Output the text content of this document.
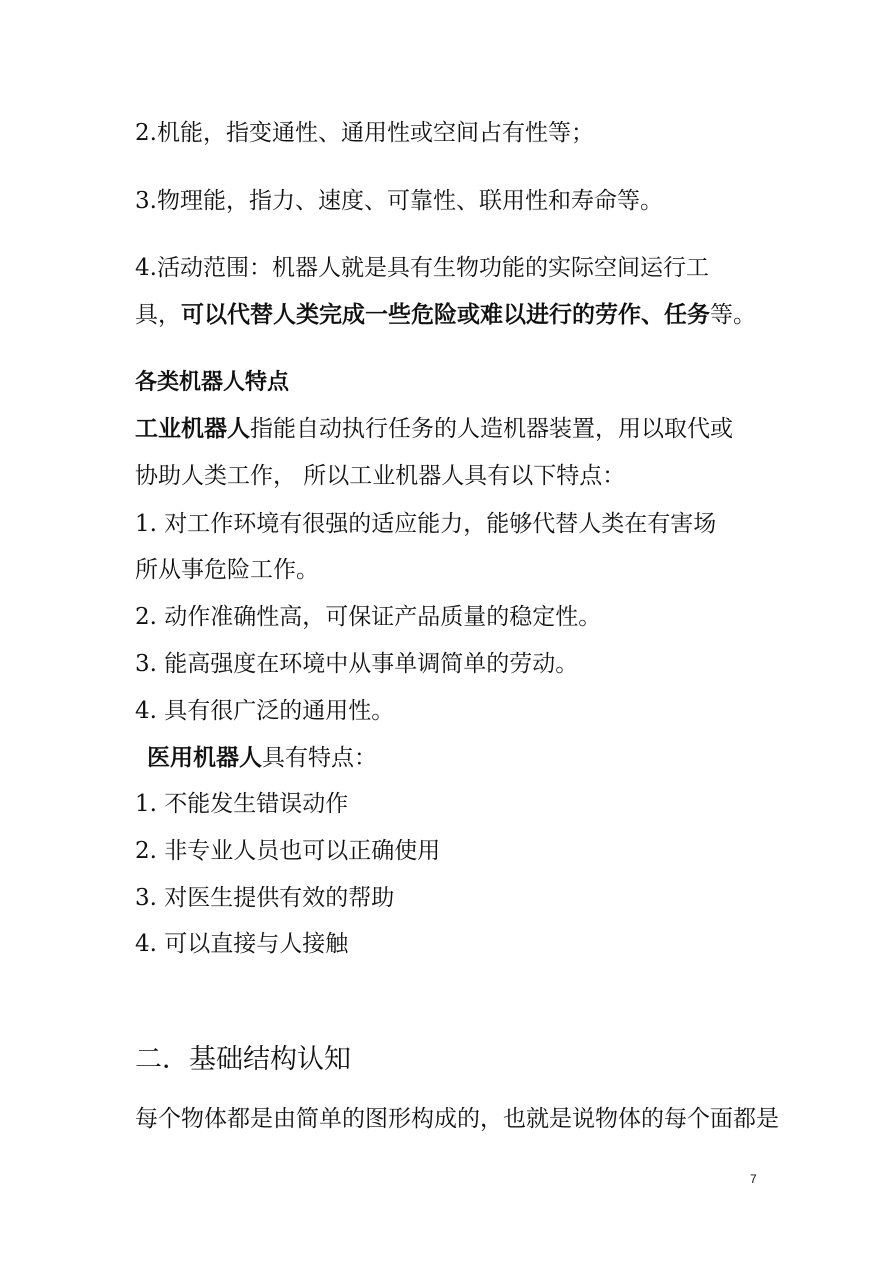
2.机能，指变通性、通用性或空间占有性等；
3.物理能，指力、速度、可靠性、联用性和寿命等。
4.活动范围：机器人就是具有生物功能的实际空间运行工
具，可以代替人类完成一些危险或难以进行的劳作、任务等。
各类机器人特点
工业机器人指能自动执行任务的人造机器装置，用以取代或
协助人类工作， 所以工业机器人具有以下特点：
1. 对工作环境有很强的适应能力，能够代替人类在有害场
所从事危险工作。
2. 动作准确性高，可保证产品质量的稳定性。
3. 能高强度在环境中从事单调简单的劳动。
4. 具有很广泛的通用性。
医用机器人具有特点：
1. 不能发生错误动作
2. 非专业人员也可以正确使用
3. 对医生提供有效的帮助
4. 可以直接与人接触
二．基础结构认知
每个物体都是由简单的图形构成的，也就是说物体的每个面都是
7
